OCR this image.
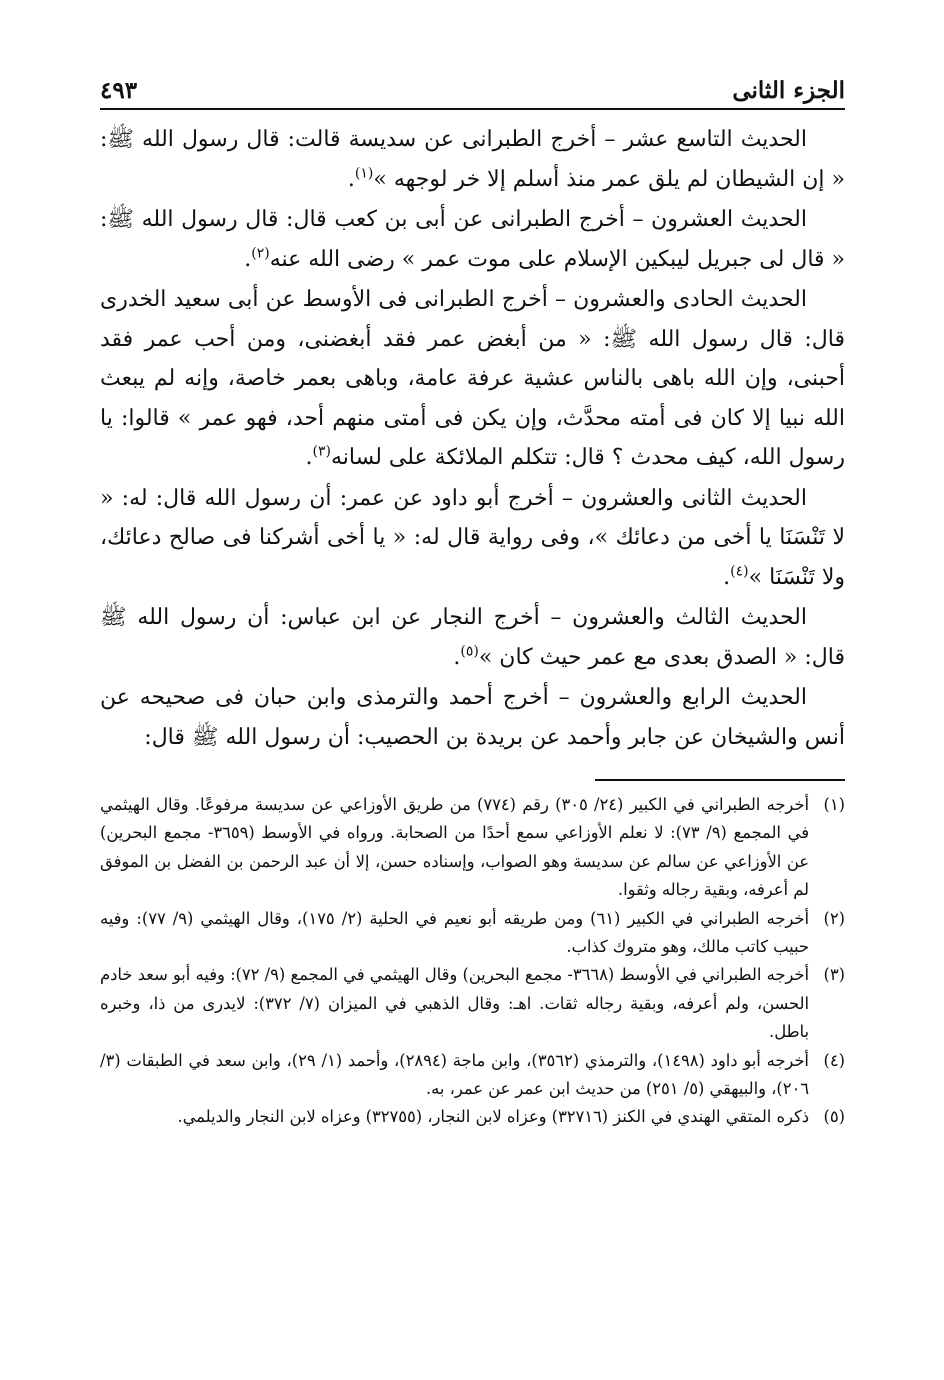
الجزء الثانى
٤٩٣

الحديث التاسع عشر – أخرج الطبرانى عن سديسة قالت: قال رسول الله ﷺ: « إن الشيطان لم يلق عمر منذ أسلم إلا خر لوجهه »$^{(١)}$.

الحديث العشرون – أخرج الطبرانى عن أبى بن كعب قال: قال رسول الله ﷺ: « قال لى جبريل ليبكين الإسلام على موت عمر » رضى الله عنه$^{(٢)}$.

الحديث الحادى والعشرون – أخرج الطبرانى فى الأوسط عن أبى سعيد الخدرى قال: قال رسول الله ﷺ: « من أبغض عمر فقد أبغضنى، ومن أحب عمر فقد أحبنى، وإن الله باهى بالناس عشية عرفة عامة، وباهى بعمر خاصة، وإنه لم يبعث الله نبيا إلا كان فى أمته محدَّث، وإن يكن فى أمتى منهم أحد، فهو عمر » قالوا: يا رسول الله، كيف محدث ؟ قال: تتكلم الملائكة على لسانه$^{(٣)}$.

الحديث الثانى والعشرون – أخرج أبو داود عن عمر: أن رسول الله قال: له: « لا تَنْسَنَا يا أخى من دعائك »، وفى رواية قال له: « يا أخى أشركنا فى صالح دعائك، ولا تَنْسَنَا »$^{(٤)}$.

الحديث الثالث والعشرون – أخرج النجار عن ابن عباس: أن رسول الله ﷺ قال: « الصدق بعدى مع عمر حيث كان »$^{(٥)}$.

الحديث الرابع والعشرون – أخرج أحمد والترمذى وابن حبان فى صحيحه عن أنس والشيخان عن جابر وأحمد عن بريدة بن الحصيب: أن رسول الله ﷺ قال:

(١)
أخرجه الطبراني في الكبير (٢٤/ ٣٠٥) رقم (٧٧٤) من طريق الأوزاعي عن سديسة مرفوعًا. وقال الهيثمي في المجمع (٩/ ٧٣): لا نعلم الأوزاعي سمع أحدًا من الصحابة. ورواه في الأوسط (٣٦٥٩- مجمع البحرين) عن الأوزاعي عن سالم عن سديسة وهو الصواب، وإسناده حسن، إلا أن عبد الرحمن بن الفضل بن الموفق لم أعرفه، وبقية رجاله وثقوا.
(٢)
أخرجه الطبراني في الكبير (٦١) ومن طريقه أبو نعيم في الحلية (٢/ ١٧٥)، وقال الهيثمي (٩/ ٧٧): وفيه حبيب كاتب مالك، وهو متروك كذاب.
(٣)
أخرجه الطبراني في الأوسط (٣٦٦٨- مجمع البحرين) وقال الهيثمي في المجمع (٩/ ٧٢): وفيه أبو سعد خادم الحسن، ولم أعرفه، وبقية رجاله ثقات. اهـ: وقال الذهبي في الميزان (٧/ ٣٧٢): لايدرى من ذا، وخبره باطل.
(٤)
أخرجه أبو داود (١٤٩٨)، والترمذي (٣٥٦٢)، وابن ماجة (٢٨٩٤)، وأحمد (١/ ٢٩)، وابن سعد في الطبقات (٣/ ٢٠٦)، والبيهقي (٥/ ٢٥١) من حديث ابن عمر عن عمر، به.
(٥)
ذكره المتقي الهندي في الكنز (٣٢٧١٦) وعزاه لابن النجار، (٣٢٧٥٥) وعزاه لابن النجار والديلمي.
